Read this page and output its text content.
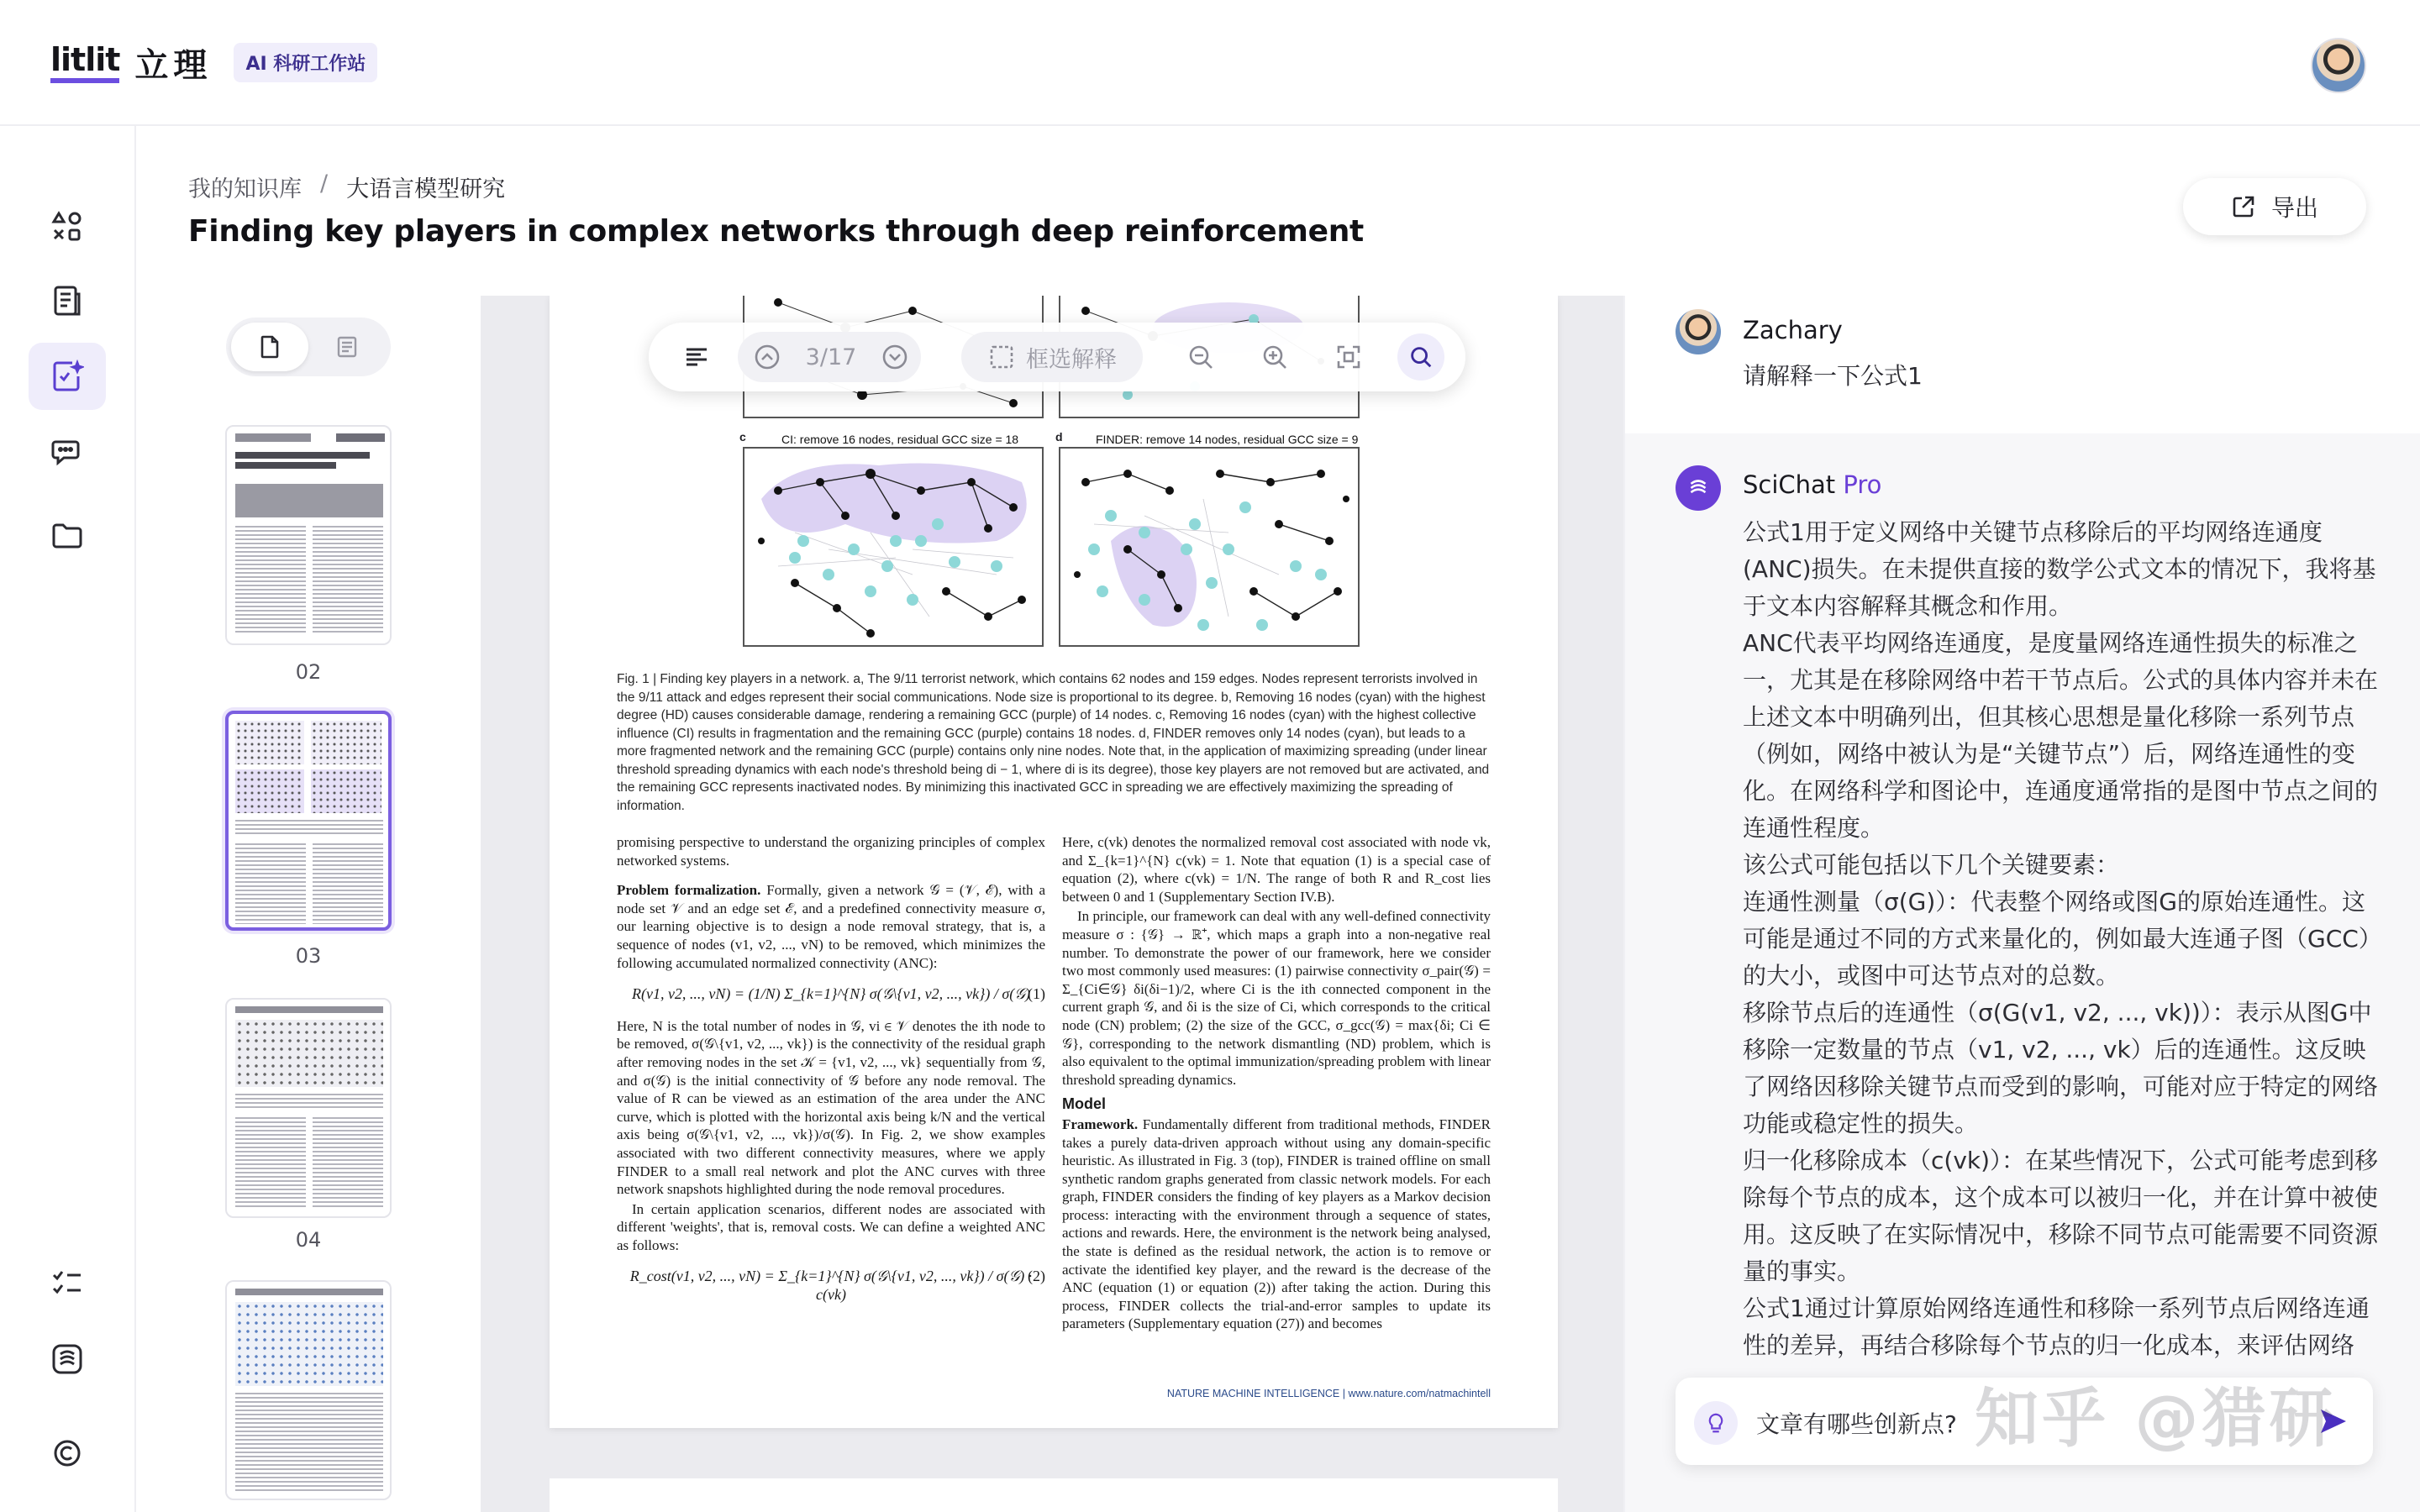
litlit 立理	AI 科研工作站
我的知识库 / 大语言模型研究
Finding key players in complex networks through deep reinforcement
导出
02
03
04
c	CI: remove 16 nodes, residual GCC size = 18	d	FINDER: remove 14 nodes, residual GCC size = 9
Fig. 1 | Finding key players in a network. a, The 9/11 terrorist network, which contains 62 nodes and 159 edges. Nodes represent terrorists involved in the 9/11 attack and edges represent their social communications. Node size is proportional to its degree. b, Removing 16 nodes (cyan) with the highest degree (HD) causes considerable damage, rendering a remaining GCC (purple) of 14 nodes. c, Removing 16 nodes (cyan) with the highest collective influence (CI) results in fragmentation and the remaining GCC (purple) contains 18 nodes. d, FINDER removes only 14 nodes (cyan), but leads to a more fragmented network and the remaining GCC (purple) contains only nine nodes. Note that, in the application of maximizing spreading (under linear threshold spreading dynamics with each node's threshold being di − 1, where di is its degree), those key players are not removed but are activated, and the remaining GCC represents inactivated nodes. By minimizing this inactivated GCC in spreading we are effectively maximizing the spreading of information.

promising perspective to understand the organizing principles of complex networked systems.

Problem formalization. Formally, given a network 𝒢 = (𝒱, ℰ), with a node set 𝒱 and an edge set ℰ, and a predefined connectivity measure σ, our learning objective is to design a node removal strategy, that is, a sequence of nodes (v1, v2, ..., vN) to be removed, which minimizes the following accumulated normalized connectivity (ANC):

R(v1, v2, ..., vN) = (1/N) Σ_{k=1}^{N} σ(𝒢\{v1, v2, ..., vk}) / σ(𝒢)
(1)

Here, N is the total number of nodes in 𝒢, vi ∈ 𝒱 denotes the ith node to be removed, σ(𝒢\{v1, v2, ..., vk}) is the connectivity of the residual graph after removing nodes in the set 𝒦 = {v1, v2, ..., vk} sequentially from 𝒢, and σ(𝒢) is the initial connectivity of 𝒢 before any node removal. The value of R can be viewed as an estimation of the area under the ANC curve, which is plotted with the horizontal axis being k/N and the vertical axis being σ(𝒢\{v1, v2, ..., vk})/σ(𝒢). In Fig. 2, we show examples associated with two different connectivity measures, where we apply FINDER to a small real network and plot the ANC curves with three network snapshots highlighted during the node removal procedures.

In certain application scenarios, different nodes are associated with different 'weights', that is, removal costs. We can define a weighted ANC as follows:

R_cost(v1, v2, ..., vN) = Σ_{k=1}^{N} σ(𝒢\{v1, v2, ..., vk}) / σ(𝒢) · c(vk)
(2)

Here, c(vk) denotes the normalized removal cost associated with node vk, and Σ_{k=1}^{N} c(vk) = 1. Note that equation (1) is a special case of equation (2), where c(vk) = 1/N. The range of both R and R_cost lies between 0 and 1 (Supplementary Section IV.B).

In principle, our framework can deal with any well-defined connectivity measure σ : {𝒢} → ℝ⁺, which maps a graph into a non-negative real number. To demonstrate the power of our framework, here we consider two most commonly used measures: (1) pairwise connectivity σ_pair(𝒢) = Σ_{Ci∈𝒢} δi(δi−1)/2, where Ci is the ith connected component in the current graph 𝒢, and δi is the size of Ci, which corresponds to the critical node (CN) problem; (2) the size of the GCC, σ_gcc(𝒢) = max{δi; Ci ∈ 𝒢}, corresponding to the network dismantling (ND) problem, which is also equivalent to the optimal immunization/spreading problem with linear threshold spreading dynamics.

Model

Framework. Fundamentally different from traditional methods, FINDER takes a purely data-driven approach without using any domain-specific heuristic. As illustrated in Fig. 3 (top), FINDER is trained offline on small synthetic random graphs generated from classic network models. For each graph, FINDER considers the finding of key players as a Markov decision process: interacting with the environment through a sequence of states, actions and rewards. Here, the environment is the network being analysed, the state is defined as the residual network, the action is to remove or activate the identified key player, and the reward is the decrease of the ANC (equation (1) or equation (2)) after taking the action. During this process, FINDER collects the trial-and-error samples to update its parameters (Supplementary equation (27)) and becomes

NATURE MACHINE INTELLIGENCE | www.nature.com/natmachintell
3/17	框选解释
Zachary
请解释一下公式1
SciChat Pro

公式1用于定义网络中关键节点移除后的平均网络连通度(ANC)损失。在未提供直接的数学公式文本的情况下，我将基于文本内容解释其概念和作用。

ANC代表平均网络连通度，是度量网络连通性损失的标准之一，尤其是在移除网络中若干节点后。公式的具体内容并未在上述文本中明确列出，但其核心思想是量化移除一系列节点（例如，网络中被认为是“关键节点”）后，网络连通性的变化。在网络科学和图论中，连通度通常指的是图中节点之间的连通性程度。

该公式可能包括以下几个关键要素：

连通性测量（σ(G)）：代表整个网络或图G的原始连通性。这可能是通过不同的方式来量化的，例如最大连通子图（GCC）的大小，或图中可达节点对的总数。

移除节点后的连通性（σ(G(v1, v2, ..., vk))）：表示从图G中移除一定数量的节点（v1, v2, ..., vk）后的连通性。这反映了网络因移除关键节点而受到的影响，可能对应于特定的网络功能或稳定性的损失。

归一化移除成本（c(vk)）：在某些情况下，公式可能考虑到移除每个节点的成本，这个成本可以被归一化，并在计算中被使用。这反映了在实际情况中，移除不同节点可能需要不同资源量的事实。

公式1通过计算原始网络连通性和移除一系列节点后网络连通性的差异，再结合移除每个节点的归一化成本，来评估网络

文章有哪些创新点? 知乎 @猎研
